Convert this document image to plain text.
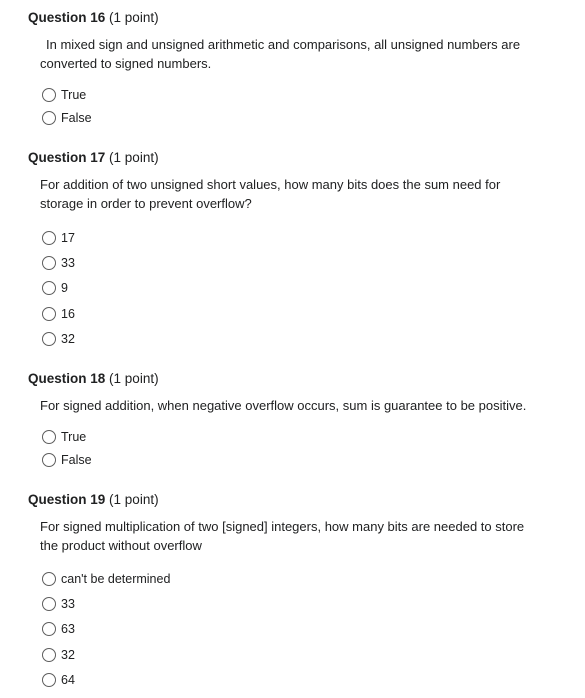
Question 16 (1 point)
In mixed sign and unsigned arithmetic and comparisons, all unsigned numbers are converted to signed numbers.
True
False
Question 17 (1 point)
For addition of two unsigned short values, how many bits does the sum need for storage in order to prevent overflow?
17
33
9
16
32
Question 18 (1 point)
For signed addition, when negative overflow occurs, sum is guarantee to be positive.
True
False
Question 19 (1 point)
For signed multiplication of two [signed] integers, how many bits are needed to store the product without overflow
can't be determined
33
63
32
64
